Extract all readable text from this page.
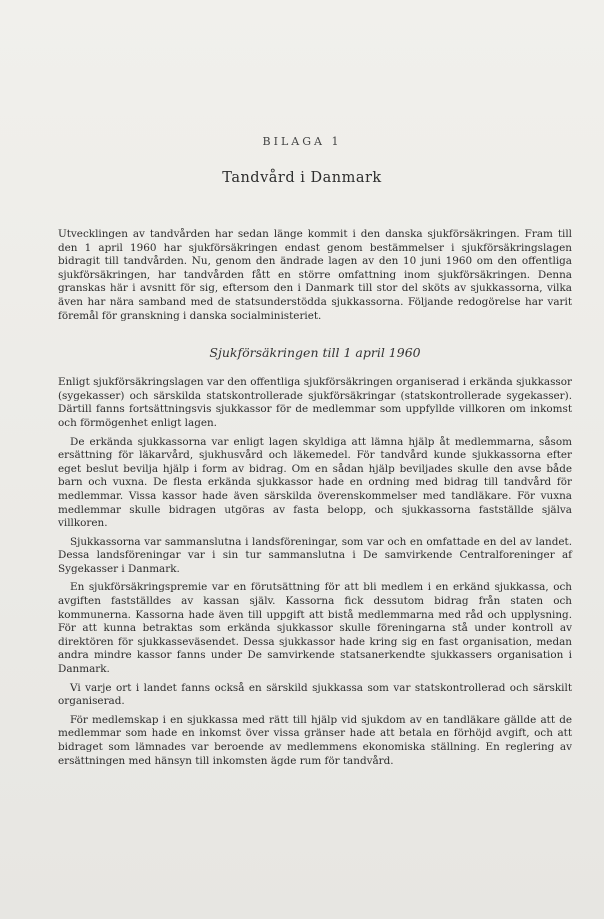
BILAGA 1
Tandvård i Danmark

Utvecklingen av tandvården har sedan länge kommit i den danska sjukförsäkringen. Fram till den 1 april 1960 har sjukförsäkringen endast genom bestämmelser i sjukförsäkringslagen bidragit till tandvården. Nu, genom den ändrade lagen av den 10 juni 1960 om den offentliga sjukförsäkringen, har tandvården fått en större omfattning inom sjukförsäkringen. Denna granskas här i avsnitt för sig, eftersom den i Danmark till stor del sköts av sjukkassorna, vilka även har nära samband med de statsunderstödda sjukkassorna. Följande redogörelse har varit föremål för granskning i danska socialministeriet.

Sjukförsäkringen till 1 april 1960

Enligt sjukförsäkringslagen var den offentliga sjukförsäkringen organiserad i erkända sjukkassor (sygekasser) och särskilda statskontrollerade sjukförsäkringar (statskontrollerade sygekasser). Därtill fanns fortsättningsvis sjukkassor för de medlemmar som uppfyllde villkoren om inkomst och förmögenhet enligt lagen.

De erkända sjukkassorna var enligt lagen skyldiga att lämna hjälp åt medlemmarna, såsom ersättning för läkarvård, sjukhusvård och läkemedel. För tandvård kunde sjukkassorna efter eget beslut bevilja hjälp i form av bidrag. Om en sådan hjälp beviljades skulle den avse både barn och vuxna. De flesta erkända sjukkassor hade en ordning med bidrag till tandvård för medlemmar. Vissa kassor hade även särskilda överenskommelser med tandläkare. För vuxna medlemmar skulle bidragen utgöras av fasta belopp, och sjukkassorna fastställde själva villkoren.

Sjukkassorna var sammanslutna i landsföreningar, som var och en omfattade en del av landet. Dessa landsföreningar var i sin tur sammanslutna i De samvirkende Centralforeninger af Sygekasser i Danmark.

En sjukförsäkringspremie var en förutsättning för att bli medlem i en erkänd sjukkassa, och avgiften fastställdes av kassan själv. Kassorna fick dessutom bidrag från staten och kommunerna. Kassorna hade även till uppgift att bistå medlemmarna med råd och upplysning. För att kunna betraktas som erkända sjukkassor skulle föreningarna stå under kontroll av direktören för sjukkasseväsendet. Dessa sjukkassor hade kring sig en fast organisation, medan andra mindre kassor fanns under De samvirkende statsanerkendte sjukkassers organisation i Danmark.

Vi varje ort i landet fanns också en särskild sjukkassa som var statskontrollerad och särskilt organiserad.

För medlemskap i en sjukkassa med rätt till hjälp vid sjukdom av en tandläkare gällde att de medlemmar som hade en inkomst över vissa gränser hade att betala en förhöjd avgift, och att bidraget som lämnades var beroende av medlemmens ekonomiska ställning. En reglering av ersättningen med hänsyn till inkomsten ägde rum för tandvård.
